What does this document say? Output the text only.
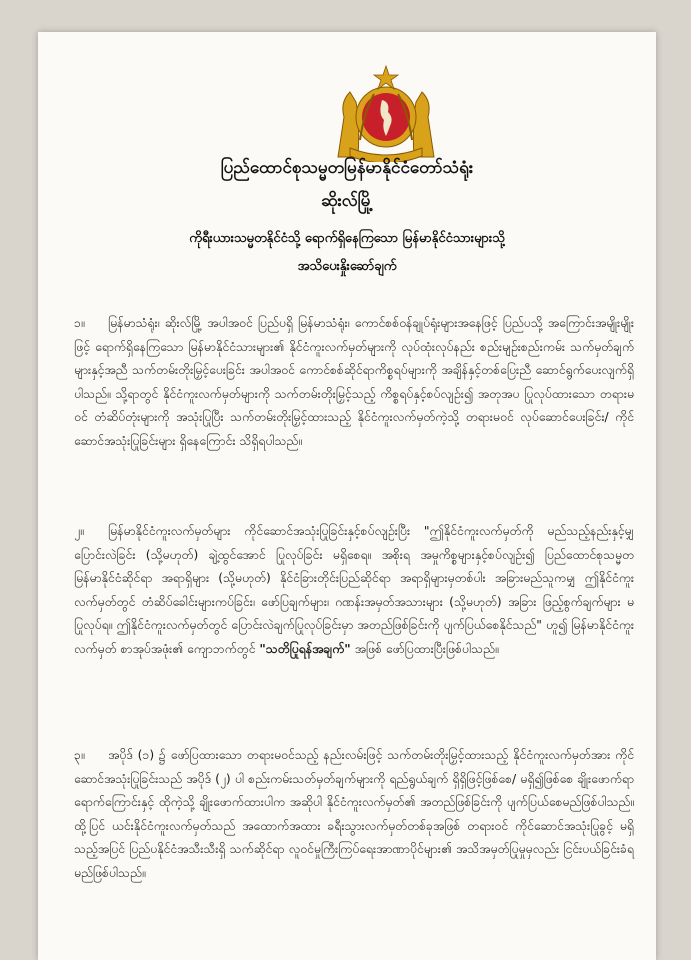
ပြည်ထောင်စုသမ္မတမြန်မာနိုင်ငံတော်သံရုံး
ဆိုးလ်မြို့
ကိုရီးယားသမ္မတနိုင်ငံသို့ ရောက်ရှိနေကြသော မြန်မာနိုင်ငံသားများသို့
အသိပေးနှိုးဆော်ချက်
၁။ မြန်မာသံရုံး၊ ဆိုးလ်မြို့ အပါအဝင် ပြည်ပရှိ မြန်မာသံရုံး၊ ကောင်စစ်ဝန်ချုပ်ရုံးများအနေဖြင့် ပြည်ပသို့ အကြောင်းအမျိုးမျိုးဖြင့် ရောက်ရှိနေကြသော မြန်မာနိုင်ငံသားများ၏ နိုင်ငံကူးလက်မှတ်များကို လုပ်ထုံးလုပ်နည်း စည်းမျဉ်းစည်းကမ်း သက်မှတ်ချက်များနှင့်အညီ သက်တမ်းတိုးမြှင့်ပေးခြင်း အပါအဝင် ကောင်စစ်ဆိုင်ရာကိစ္စရပ်များကို အချိန်နှင့်တစ်ပြေးညီ ဆောင်ရွက်ပေးလျက်ရှိပါသည်။ သို့ရာတွင် နိုင်ငံကူးလက်မှတ်များကို သက်တမ်းတိုးမြှင့်သည့် ကိစ္စရပ်နှင့်စပ်လျဉ်း၍ အတုအပ ပြုလုပ်ထားသော တရားမဝင် တံဆိပ်တုံးများကို အသုံးပြုပြီး သက်တမ်းတိုးမြှင့်ထားသည့် နိုင်ငံကူးလက်မှတ်ကဲ့သို့ တရားမဝင် လုပ်ဆောင်ပေးခြင်း/ ကိုင်ဆောင်အသုံးပြုခြင်းများ ရှိနေကြောင်း သိရှိရပါသည်။
၂။ မြန်မာနိုင်ငံကူးလက်မှတ်များ ကိုင်ဆောင်အသုံးပြုခြင်းနှင့်စပ်လျဉ်းပြီး "ဤနိုင်ငံကူးလက်မှတ်ကို မည်သည့်နည်းနှင့်မျှ ပြောင်းလဲခြင်း (သို့မဟုတ်) ချဲ့ထွင်အောင် ပြုလုပ်ခြင်း မရှိစေရ။ အစိုးရ အမှုကိစ္စများနှင့်စပ်လျဉ်း၍ ပြည်ထောင်စုသမ္မတမြန်မာနိုင်ငံဆိုင်ရာ အရာရှိများ (သို့မဟုတ်) နိုင်ငံခြားတိုင်းပြည်ဆိုင်ရာ အရာရှိများမှတစ်ပါး အခြားမည်သူကမျှ ဤနိုင်ငံကူးလက်မှတ်တွင် တံဆိပ်ခေါင်းများကပ်ခြင်း၊ ဖော်ပြချက်များ၊ ဂဏန်းအမှတ်အသားများ (သို့မဟုတ်) အခြား ဖြည့်စွက်ချက်များ မပြုလုပ်ရ။ ဤနိုင်ငံကူးလက်မှတ်တွင် ပြောင်းလဲချက်ပြုလုပ်ခြင်းမှာ အတည်ဖြစ်ခြင်းကို ပျက်ပြယ်စေနိုင်သည်" ဟူ၍ မြန်မာနိုင်ငံကူးလက်မှတ် စာအုပ်အဖုံး၏ ကျောဘက်တွင် "သတိပြုရန်အချက်" အဖြစ် ဖော်ပြထားပြီးဖြစ်ပါသည်။
၃။ အပိုဒ် (၁) ၌ ဖော်ပြထားသော တရားမဝင်သည့် နည်းလမ်းဖြင့် သက်တမ်းတိုးမြှင့်ထားသည့် နိုင်ငံကူးလက်မှတ်အား ကိုင်ဆောင်အသုံးပြုခြင်းသည် အပိုဒ် (၂) ပါ စည်းကမ်းသတ်မှတ်ချက်များကို ရည်ရွယ်ချက် ရှိရှိဖြင့်ဖြစ်စေ/ မရှိ၍ဖြစ်စေ ချိုးဖောက်ရာရောက်ကြောင်းနှင့် ထိုကဲ့သို့ ချိုးဖောက်ထားပါက အဆိုပါ နိုင်ငံကူးလက်မှတ်၏ အတည်ဖြစ်ခြင်းကို ပျက်ပြယ်စေမည်ဖြစ်ပါသည်။ ထို့ပြင် ယင်းနိုင်ငံကူးလက်မှတ်သည် အထောက်အထား ခရီးသွားလက်မှတ်တစ်ခုအဖြစ် တရားဝင် ကိုင်ဆောင်အသုံးပြုခွင့် မရှိသည့်အပြင် ပြည်ပနိုင်ငံအသီးသီးရှိ သက်ဆိုင်ရာ လူဝင်မှုကြီးကြပ်ရေးအာဏာပိုင်များ၏ အသိအမှတ်ပြုမှုမှလည်း ငြင်းပယ်ခြင်းခံရမည်ဖြစ်ပါသည်။
